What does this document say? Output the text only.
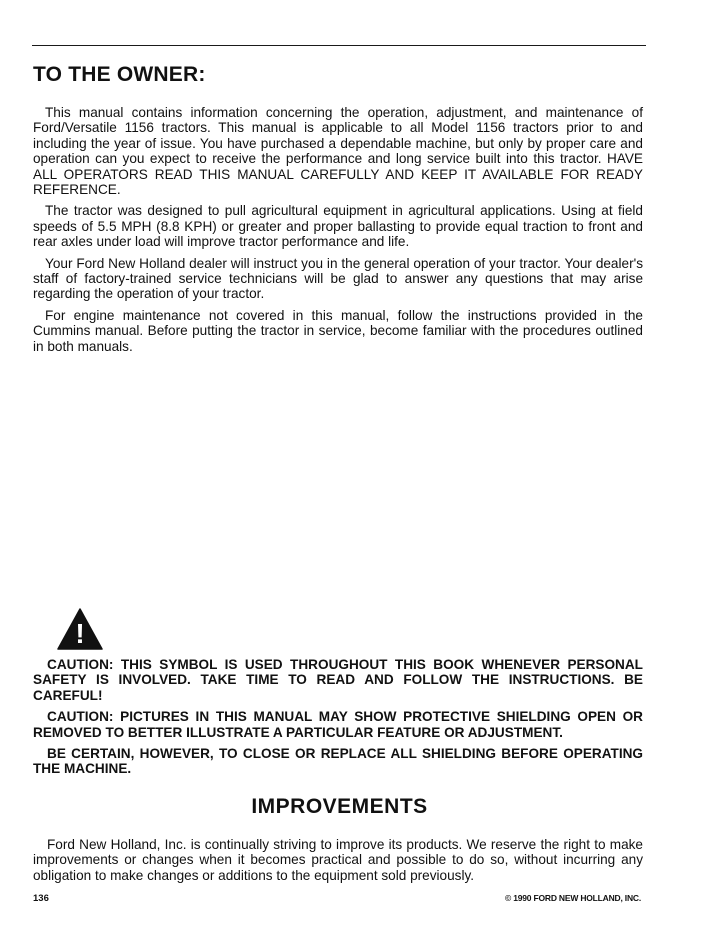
TO THE OWNER:

This manual contains information concerning the operation, adjustment, and maintenance of Ford/Versatile 1156 tractors. This manual is applicable to all Model 1156 tractors prior to and including the year of issue. You have purchased a dependable machine, but only by proper care and operation can you expect to receive the performance and long service built into this tractor. HAVE ALL OPERATORS READ THIS MANUAL CAREFULLY AND KEEP IT AVAILABLE FOR READY REFERENCE.

The tractor was designed to pull agricultural equipment in agricultural applications. Using at field speeds of 5.5 MPH (8.8 KPH) or greater and proper ballasting to provide equal traction to front and rear axles under load will improve tractor performance and life.

Your Ford New Holland dealer will instruct you in the general operation of your tractor. Your dealer's staff of factory-trained service technicians will be glad to answer any questions that may arise regarding the operation of your tractor.

For engine maintenance not covered in this manual, follow the instructions provided in the Cummins manual. Before putting the tractor in service, become familiar with the procedures outlined in both manuals.

!

CAUTION: THIS SYMBOL IS USED THROUGHOUT THIS BOOK WHENEVER PERSONAL SAFETY IS INVOLVED. TAKE TIME TO READ AND FOLLOW THE INSTRUCTIONS. BE CAREFUL!

CAUTION: PICTURES IN THIS MANUAL MAY SHOW PROTECTIVE SHIELDING OPEN OR REMOVED TO BETTER ILLUSTRATE A PARTICULAR FEATURE OR ADJUSTMENT.

BE CERTAIN, HOWEVER, TO CLOSE OR REPLACE ALL SHIELDING BEFORE OPERATING THE MACHINE.

IMPROVEMENTS

Ford New Holland, Inc. is continually striving to improve its products. We reserve the right to make improvements or changes when it becomes practical and possible to do so, without incurring any obligation to make changes or additions to the equipment sold previously.

136	© 1990 FORD NEW HOLLAND, INC.
